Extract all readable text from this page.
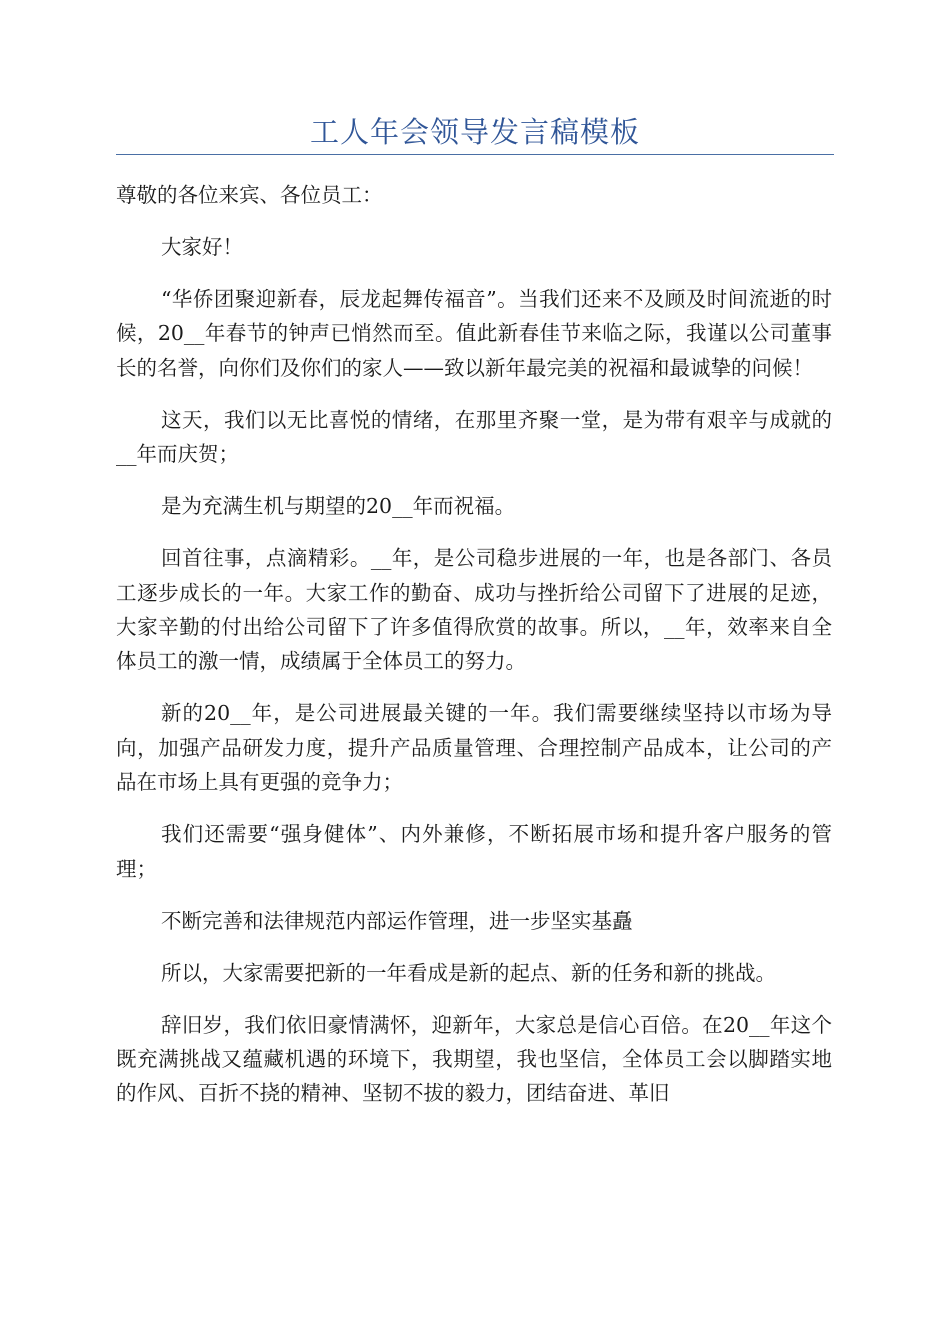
工人年会领导发言稿模板

尊敬的各位来宾、各位员工：

大家好！

“华侨团聚迎新春，辰龙起舞传福音”。当我们还来不及顾及时间流逝的时候，20__年春节的钟声已悄然而至。值此新春佳节来临之际，我谨以公司董事长的名誉，向你们及你们的家人——致以新年最完美的祝福和最诚挚的问候！

这天，我们以无比喜悦的情绪，在那里齐聚一堂，是为带有艰辛与成就的__年而庆贺；

是为充满生机与期望的20__年而祝福。

回首往事，点滴精彩。__年，是公司稳步进展的一年，也是各部门、各员工逐步成长的一年。大家工作的勤奋、成功与挫折给公司留下了进展的足迹，大家辛勤的付出给公司留下了许多值得欣赏的故事。所以，__年，效率来自全体员工的激一情，成绩属于全体员工的努力。

新的20__年，是公司进展最关键的一年。我们需要继续坚持以市场为导向，加强产品研发力度，提升产品质量管理、合理控制产品成本，让公司的产品在市场上具有更强的竞争力；

我们还需要“强身健体”、内外兼修，不断拓展市场和提升客户服务的管理；

不断完善和法律规范内部运作管理，进一步坚实基矗

所以，大家需要把新的一年看成是新的起点、新的任务和新的挑战。

辞旧岁，我们依旧豪情满怀，迎新年，大家总是信心百倍。在20__年这个既充满挑战又蕴藏机遇的环境下，我期望，我也坚信，全体员工会以脚踏实地的作风、百折不挠的精神、坚韧不拔的毅力，团结奋进、革旧
